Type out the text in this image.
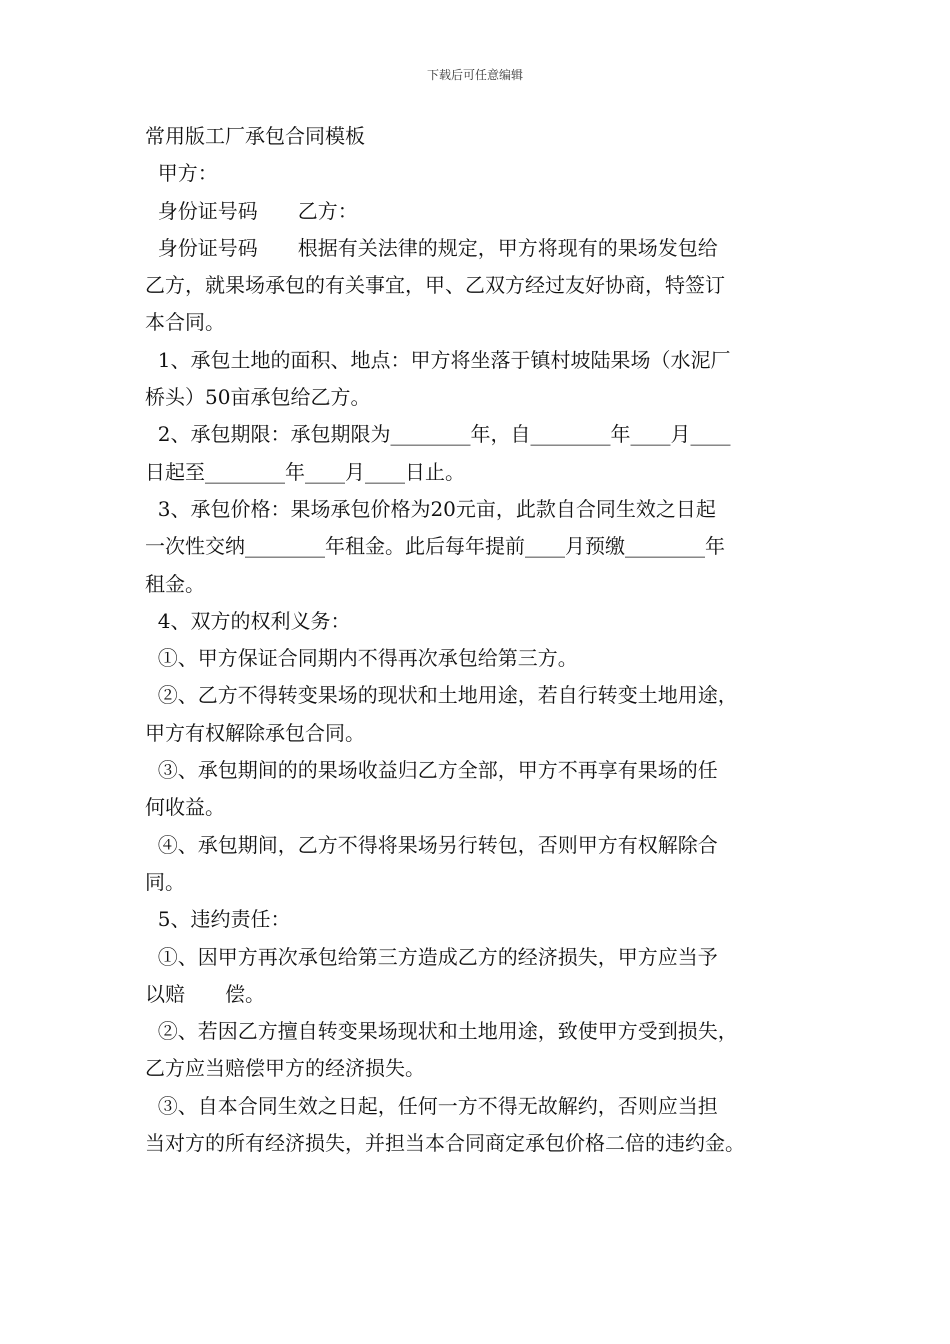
下载后可任意编辑

常用版工厂承包合同模板

甲方：

身份证号码　　乙方：

身份证号码　　根据有关法律的规定，甲方将现有的果场发包给

乙方，就果场承包的有关事宜，甲、乙双方经过友好协商，特签订

本合同。

1、承包土地的面积、地点：甲方将坐落于镇村坡陆果场（水泥厂

桥头）50亩承包给乙方。

2、承包期限：承包期限为________年，自________年____月____

日起至________年____月____日止。

3、承包价格：果场承包价格为20元亩，此款自合同生效之日起

一次性交纳________年租金。此后每年提前____月预缴________年

租金。

4、双方的权利义务：

①、甲方保证合同期内不得再次承包给第三方。

②、乙方不得转变果场的现状和土地用途，若自行转变土地用途，

甲方有权解除承包合同。

③、承包期间的的果场收益归乙方全部，甲方不再享有果场的任

何收益。

④、承包期间，乙方不得将果场另行转包，否则甲方有权解除合

同。

5、违约责任：

①、因甲方再次承包给第三方造成乙方的经济损失，甲方应当予

以赔　　偿。

②、若因乙方擅自转变果场现状和土地用途，致使甲方受到损失，

乙方应当赔偿甲方的经济损失。

③、自本合同生效之日起，任何一方不得无故解约，否则应当担

当对方的所有经济损失，并担当本合同商定承包价格二倍的违约金。
